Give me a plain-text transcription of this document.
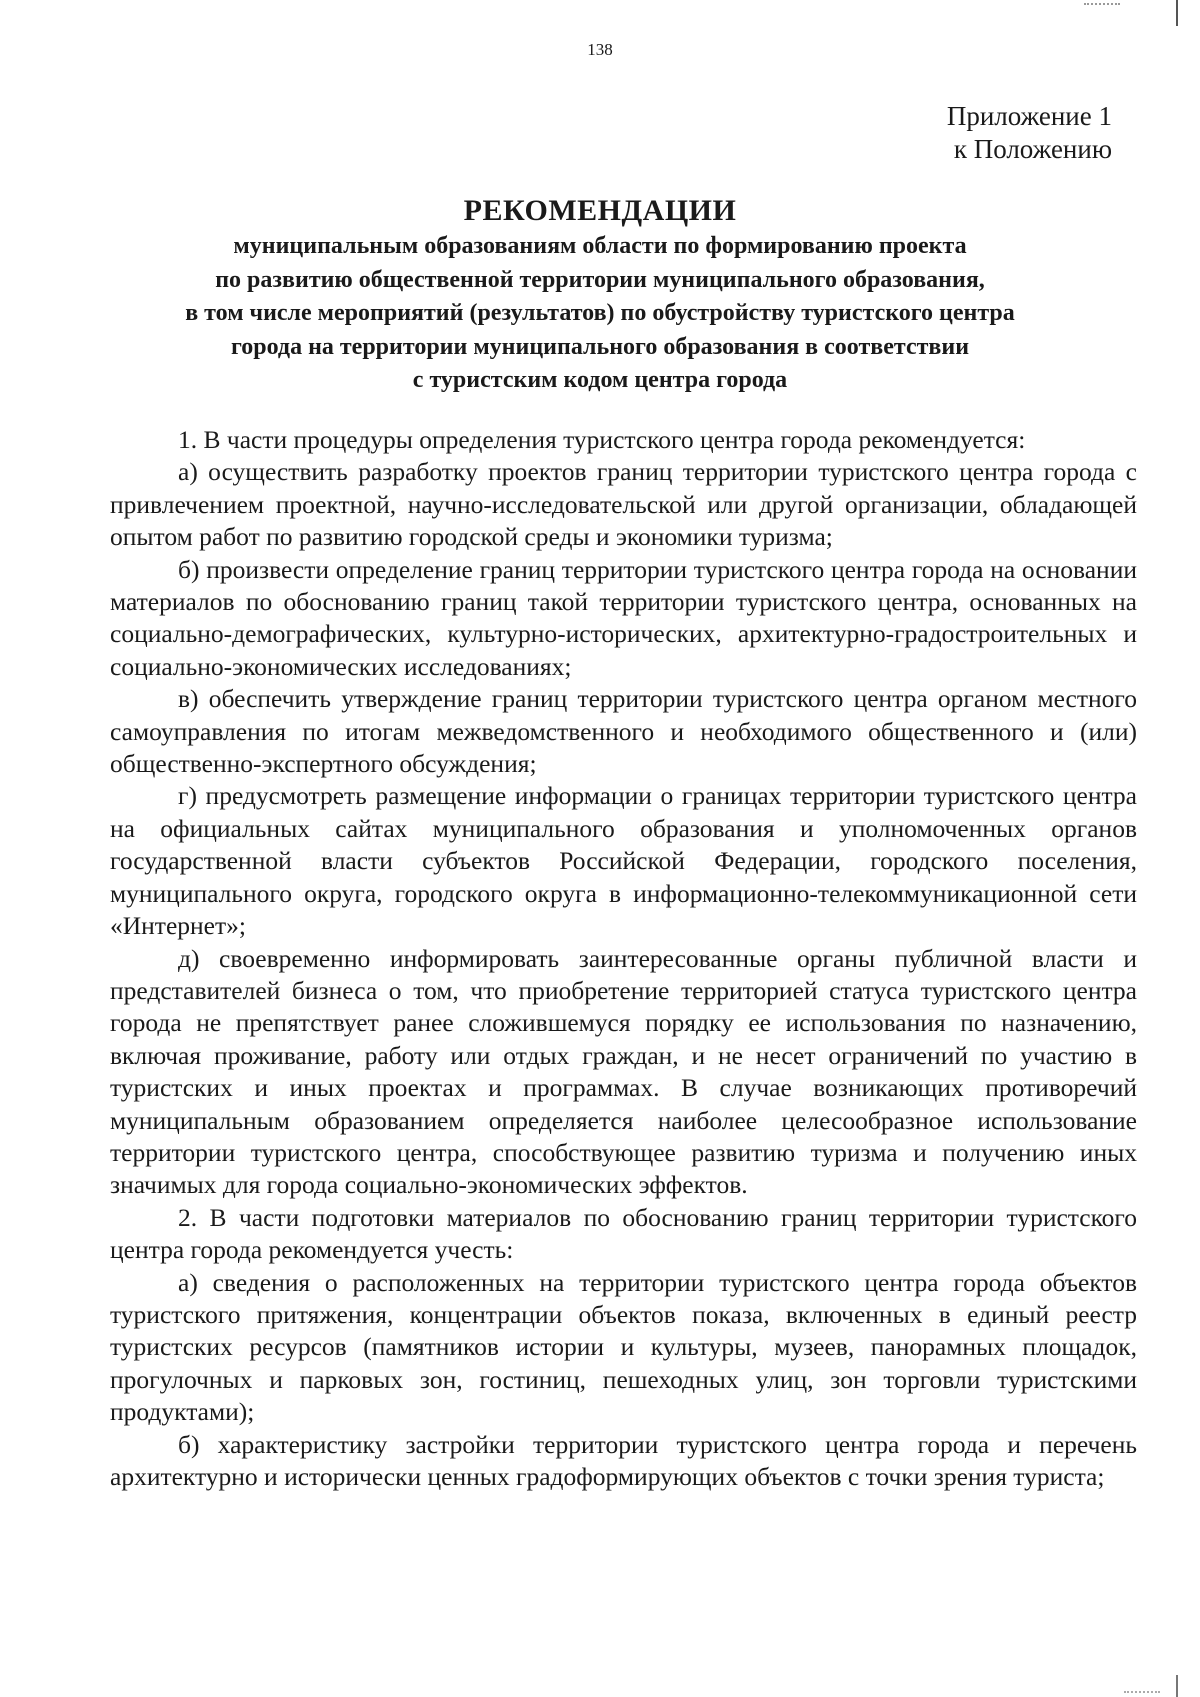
138
Приложение 1
к Положению
РЕКОМЕНДАЦИИ
муниципальным образованиям области по формированию проекта
по развитию общественной территории муниципального образования,
в том числе мероприятий (результатов) по обустройству туристского центра
города на территории муниципального образования в соответствии
с туристским кодом центра города

1. В части процедуры определения туристского центра города рекомендуется:

а) осуществить разработку проектов границ территории туристского центра города с привлечением проектной, научно-исследовательской или другой организации, обладающей опытом работ по развитию городской среды и экономики туризма;

б) произвести определение границ территории туристского центра города на основании материалов по обоснованию границ такой территории туристского центра, основанных на социально-демографических, культурно-исторических, архитектурно-градостроительных и социально-экономических исследованиях;

в) обеспечить утверждение границ территории туристского центра органом местного самоуправления по итогам межведомственного и необходимого общественного и (или) общественно-экспертного обсуждения;

г) предусмотреть размещение информации о границах территории туристского центра на официальных сайтах муниципального образования и уполномоченных органов государственной власти субъектов Российской Федерации, городского поселения, муниципального округа, городского округа в информационно-телекоммуникационной сети «Интернет»;

д) своевременно информировать заинтересованные органы публичной власти и представителей бизнеса о том, что приобретение территорией статуса туристского центра города не препятствует ранее сложившемуся порядку ее использования по назначению, включая проживание, работу или отдых граждан, и не несет ограничений по участию в туристских и иных проектах и программах. В случае возникающих противоречий муниципальным образованием определяется наиболее целесообразное использование территории туристского центра, способствующее развитию туризма и получению иных значимых для города социально-экономических эффектов.

2. В части подготовки материалов по обоснованию границ территории туристского центра города рекомендуется учесть:

а) сведения о расположенных на территории туристского центра города объектов туристского притяжения, концентрации объектов показа, включенных в единый реестр туристских ресурсов (памятников истории и культуры, музеев, панорамных площадок, прогулочных и парковых зон, гостиниц, пешеходных улиц, зон торговли туристскими продуктами);

б) характеристику застройки территории туристского центра города и перечень архитектурно и исторически ценных градоформирующих объектов с точки зрения туриста;
